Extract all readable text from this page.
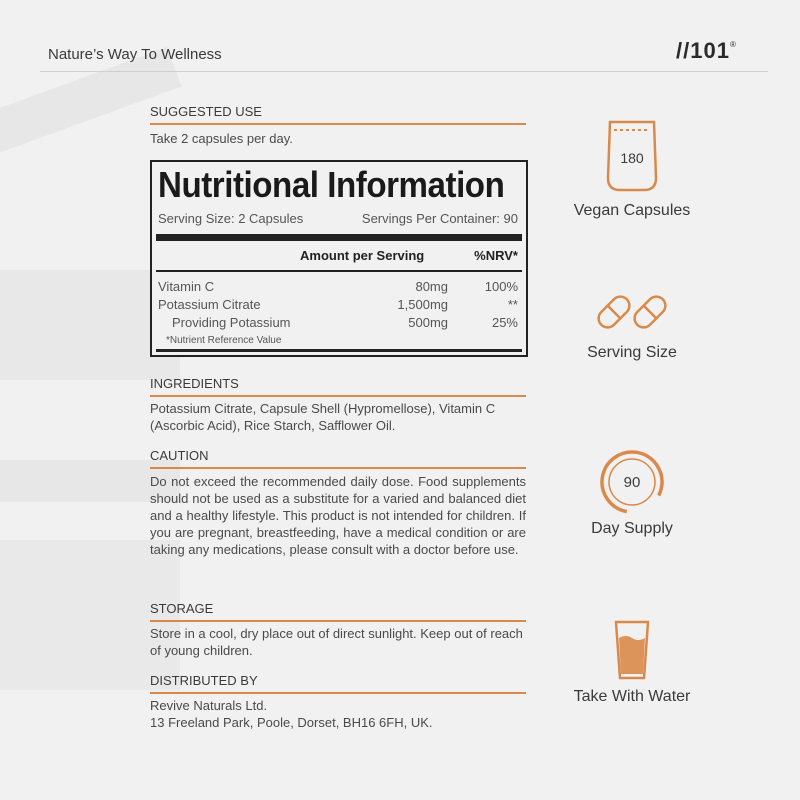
Nature’s Way To Wellness	//101®
SUGGESTED USE
Take 2 capsules per day.
Nutritional Information
Serving Size: 2 Capsules	Servings Per Container: 90
Amount per Serving	%NRV*
Vitamin C	80mg	100%
Potassium Citrate	1,500mg	**
Providing Potassium	500mg	25%
*Nutrient Reference Value
INGREDIENTS
Potassium Citrate, Capsule Shell (Hypromellose), Vitamin C (Ascorbic Acid), Rice Starch, Safflower Oil.
CAUTION
Do not exceed the recommended daily dose. Food supplements should not be used as a substitute for a varied and balanced diet and a healthy lifestyle. This product is not intended for children. If you are pregnant, breastfeeding, have a medical condition or are taking any medications, please consult with a doctor before use.
STORAGE
Store in a cool, dry place out of direct sunlight. Keep out of reach of young children.
DISTRIBUTED BY
Revive Naturals Ltd.
13 Freeland Park, Poole, Dorset, BH16 6FH, UK.
180
Vegan Capsules
Serving Size
90
Day Supply
Take With Water
